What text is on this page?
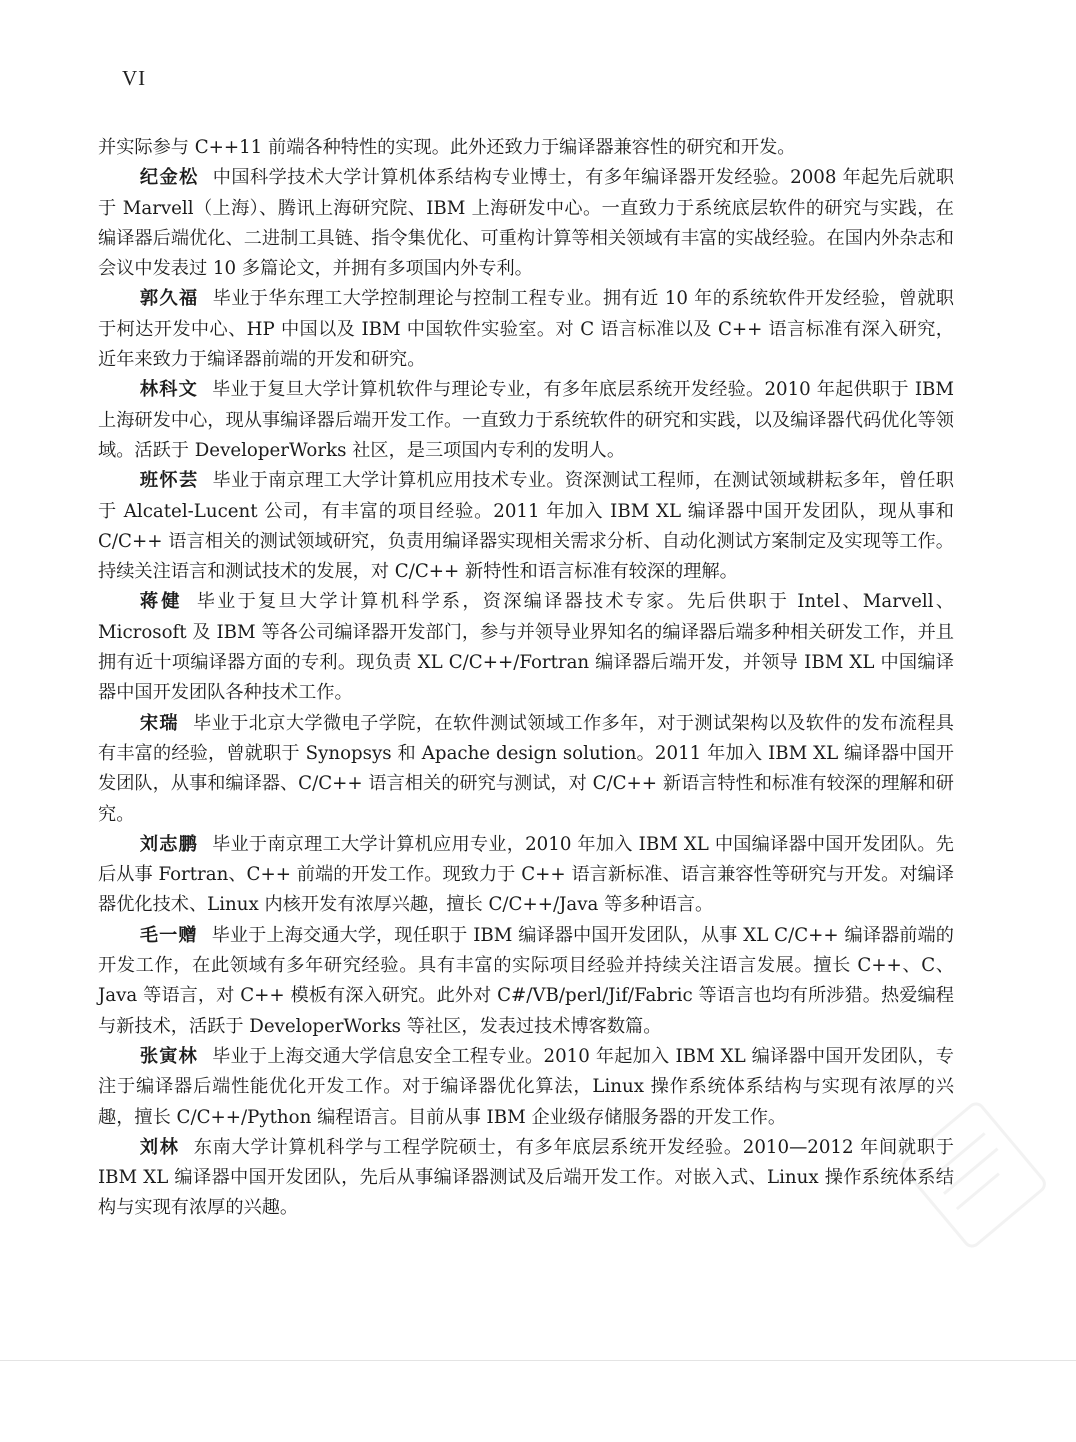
VI

并实际参与 C++11 前端各种特性的实现。此外还致力于编译器兼容性的研究和开发。

纪金松 中国科学技术大学计算机体系结构专业博士，有多年编译器开发经验。2008 年起先后就职于 Marvell（上海）、腾讯上海研究院、IBM 上海研发中心。一直致力于系统底层软件的研究与实践，在编译器后端优化、二进制工具链、指令集优化、可重构计算等相关领域有丰富的实战经验。在国内外杂志和会议中发表过 10 多篇论文，并拥有多项国内外专利。

郭久福 毕业于华东理工大学控制理论与控制工程专业。拥有近 10 年的系统软件开发经验，曾就职于柯达开发中心、HP 中国以及 IBM 中国软件实验室。对 C 语言标准以及 C++ 语言标准有深入研究，近年来致力于编译器前端的开发和研究。

林科文 毕业于复旦大学计算机软件与理论专业，有多年底层系统开发经验。2010 年起供职于 IBM 上海研发中心，现从事编译器后端开发工作。一直致力于系统软件的研究和实践，以及编译器代码优化等领域。活跃于 DeveloperWorks 社区，是三项国内专利的发明人。

班怀芸 毕业于南京理工大学计算机应用技术专业。资深测试工程师，在测试领域耕耘多年，曾任职于 Alcatel-Lucent 公司，有丰富的项目经验。2011 年加入 IBM XL 编译器中国开发团队，现从事和 C/C++ 语言相关的测试领域研究，负责用编译器实现相关需求分析、自动化测试方案制定及实现等工作。持续关注语言和测试技术的发展，对 C/C++ 新特性和语言标准有较深的理解。

蒋健 毕业于复旦大学计算机科学系，资深编译器技术专家。先后供职于 Intel、Marvell、Microsoft 及 IBM 等各公司编译器开发部门，参与并领导业界知名的编译器后端多种相关研发工作，并且拥有近十项编译器方面的专利。现负责 XL C/C++/Fortran 编译器后端开发，并领导 IBM XL 中国编译器中国开发团队各种技术工作。

宋瑞 毕业于北京大学微电子学院，在软件测试领域工作多年，对于测试架构以及软件的发布流程具有丰富的经验，曾就职于 Synopsys 和 Apache design solution。2011 年加入 IBM XL 编译器中国开发团队，从事和编译器、C/C++ 语言相关的研究与测试，对 C/C++ 新语言特性和标准有较深的理解和研究。

刘志鹏 毕业于南京理工大学计算机应用专业，2010 年加入 IBM XL 中国编译器中国开发团队。先后从事 Fortran、C++ 前端的开发工作。现致力于 C++ 语言新标准、语言兼容性等研究与开发。对编译器优化技术、Linux 内核开发有浓厚兴趣，擅长 C/C++/Java 等多种语言。

毛一赠 毕业于上海交通大学，现任职于 IBM 编译器中国开发团队，从事 XL C/C++ 编译器前端的开发工作，在此领域有多年研究经验。具有丰富的实际项目经验并持续关注语言发展。擅长 C++、C、Java 等语言，对 C++ 模板有深入研究。此外对 C#/VB/perl/Jif/Fabric 等语言也均有所涉猎。热爱编程与新技术，活跃于 DeveloperWorks 等社区，发表过技术博客数篇。

张寅林 毕业于上海交通大学信息安全工程专业。2010 年起加入 IBM XL 编译器中国开发团队，专注于编译器后端性能优化开发工作。对于编译器优化算法，Linux 操作系统体系结构与实现有浓厚的兴趣，擅长 C/C++/Python 编程语言。目前从事 IBM 企业级存储服务器的开发工作。

刘林 东南大学计算机科学与工程学院硕士，有多年底层系统开发经验。2010—2012 年间就职于 IBM XL 编译器中国开发团队，先后从事编译器测试及后端开发工作。对嵌入式、Linux 操作系统体系结构与实现有浓厚的兴趣。
